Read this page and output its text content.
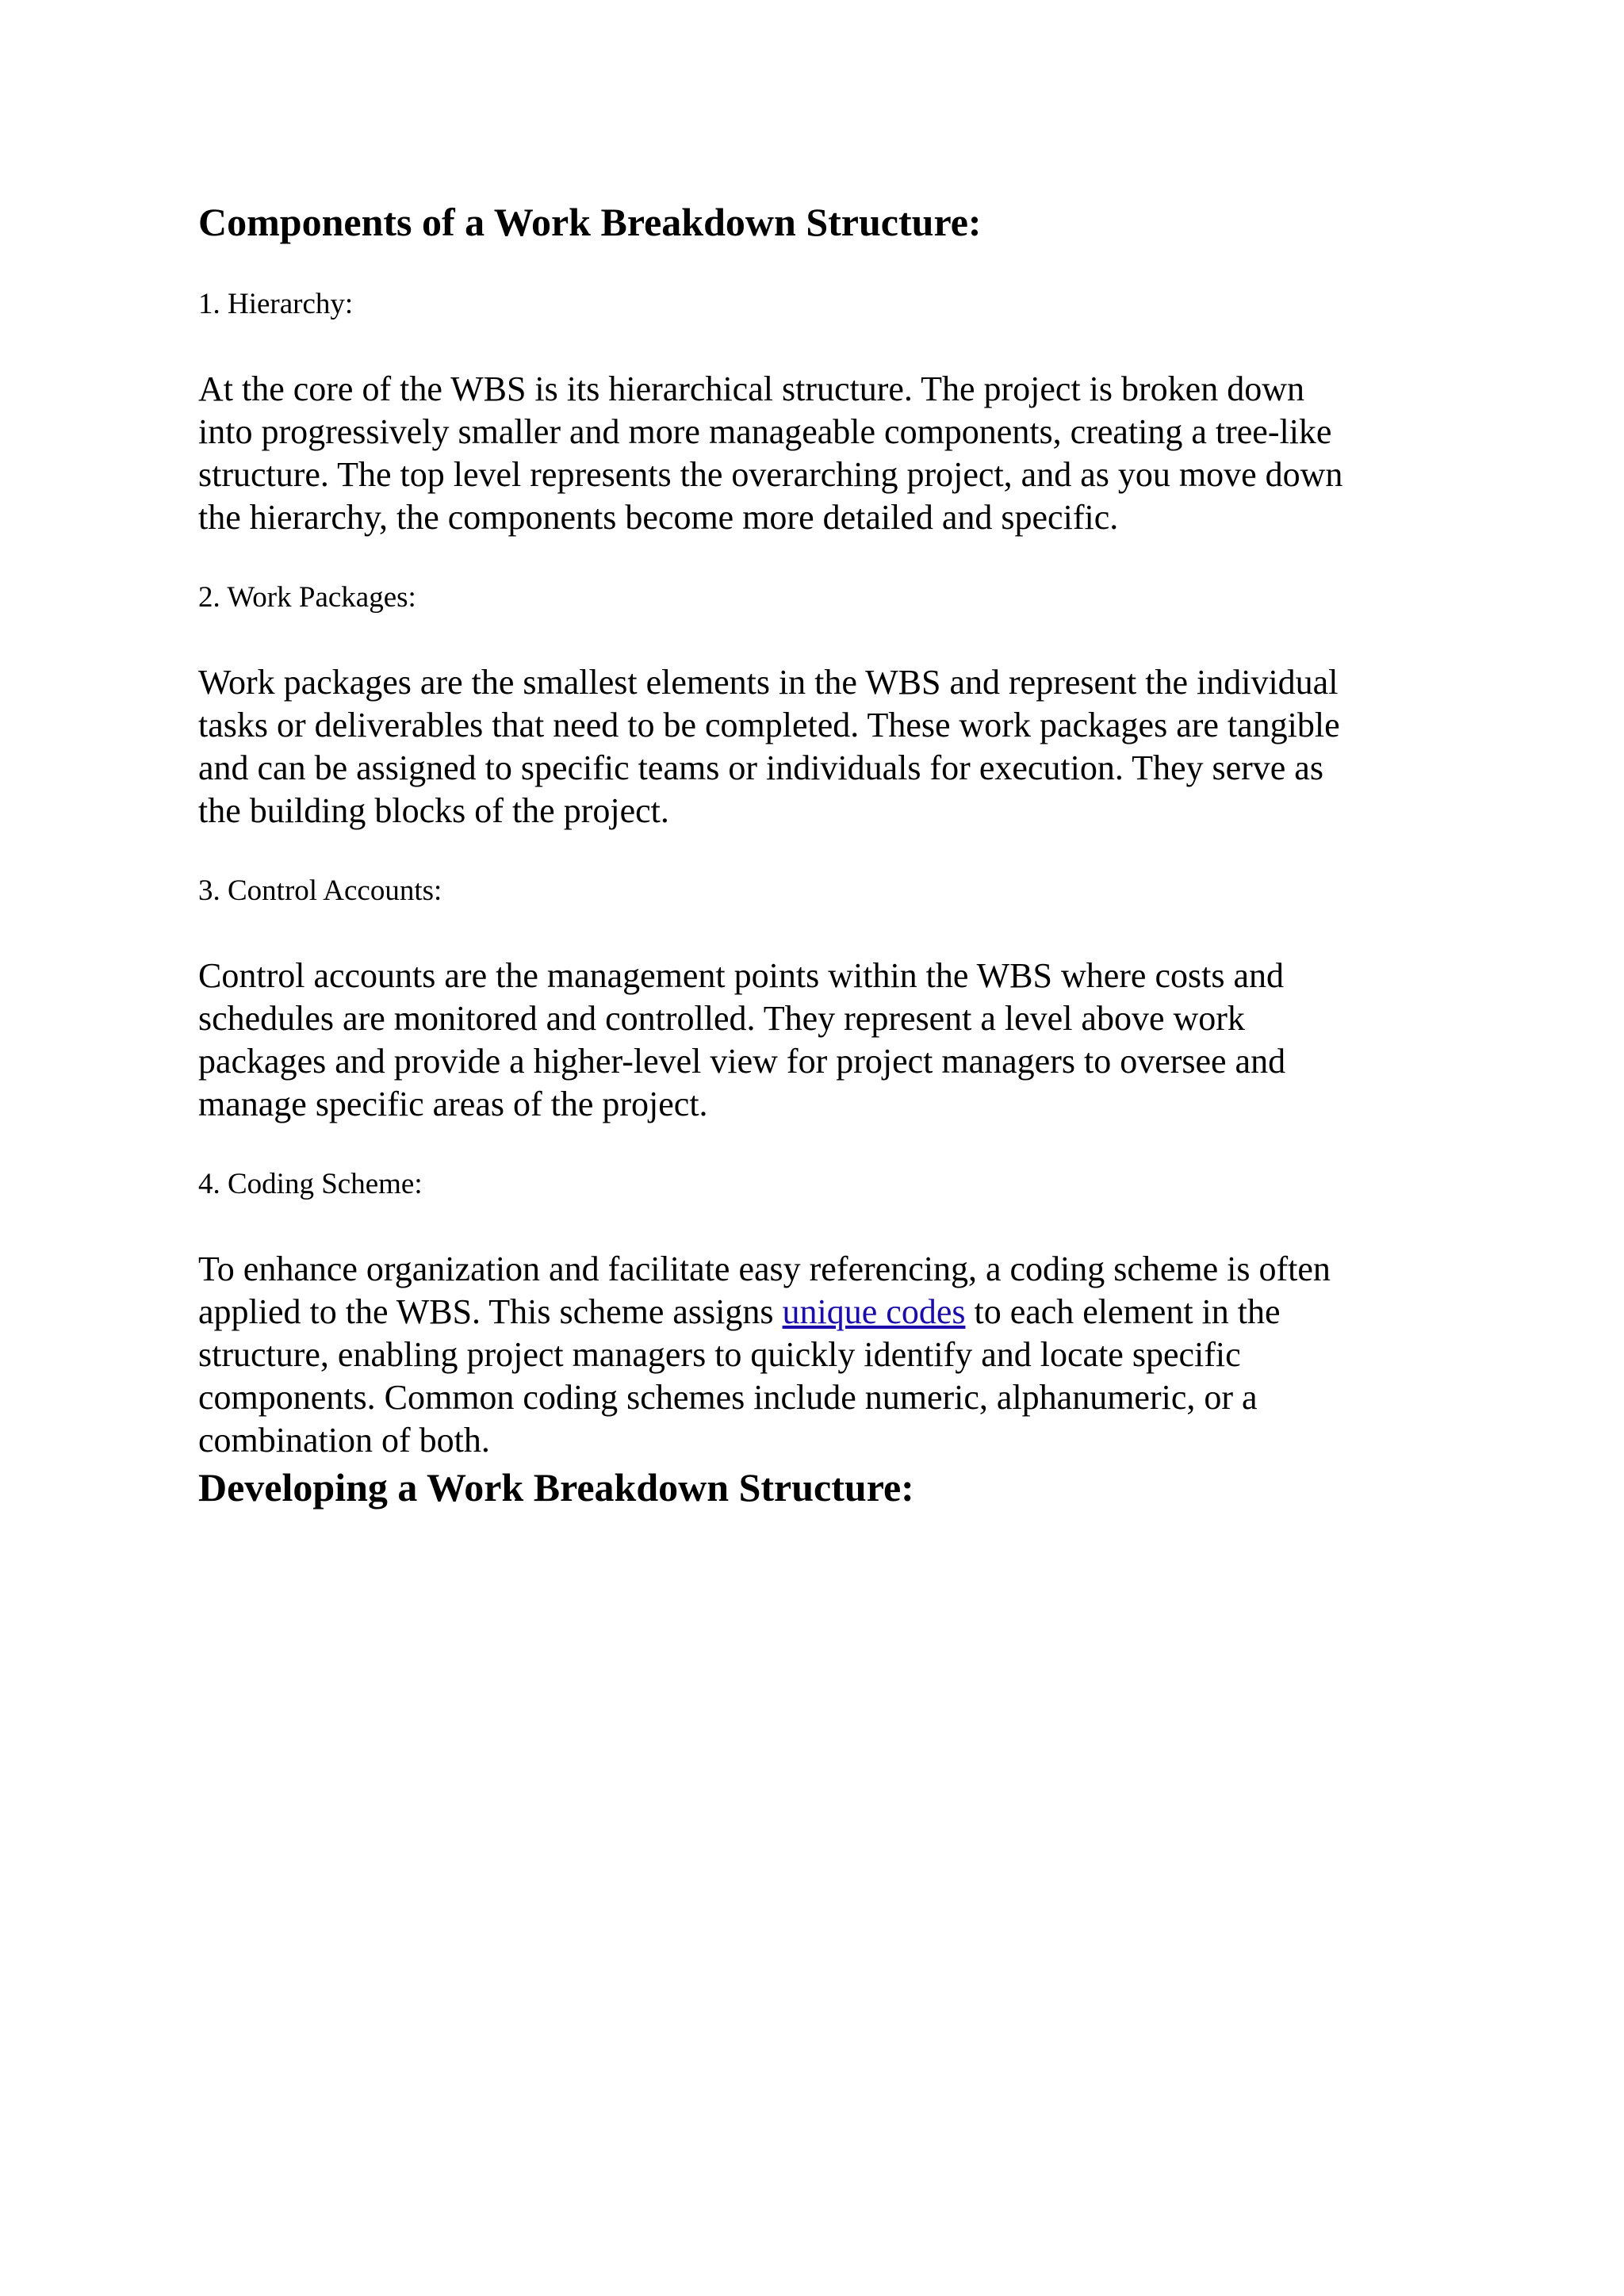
Components of a Work Breakdown Structure:
1. Hierarchy:
At the core of the WBS is its hierarchical structure. The project is broken down
into progressively smaller and more manageable components, creating a tree-like
structure. The top level represents the overarching project, and as you move down
the hierarchy, the components become more detailed and specific.
2. Work Packages:
Work packages are the smallest elements in the WBS and represent the individual
tasks or deliverables that need to be completed. These work packages are tangible
and can be assigned to specific teams or individuals for execution. They serve as
the building blocks of the project.
3. Control Accounts:
Control accounts are the management points within the WBS where costs and
schedules are monitored and controlled. They represent a level above work
packages and provide a higher-level view for project managers to oversee and
manage specific areas of the project.
4. Coding Scheme:
To enhance organization and facilitate easy referencing, a coding scheme is often
applied to the WBS. This scheme assigns unique codes to each element in the
structure, enabling project managers to quickly identify and locate specific
components. Common coding schemes include numeric, alphanumeric, or a
combination of both.
Developing a Work Breakdown Structure:
